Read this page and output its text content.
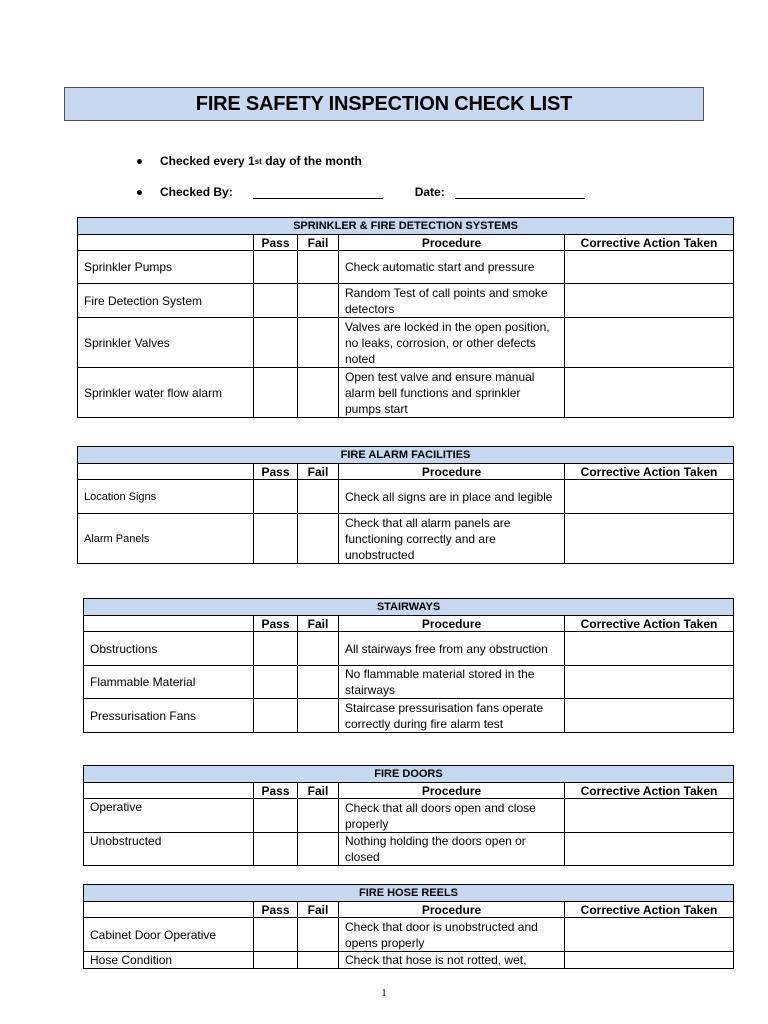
FIRE SAFETY INSPECTION CHECK LIST
Checked every 1 st day of the month
Checked By:	Date:
SPRINKLER & FIRE DETECTION SYSTEMS				
	Pass	Fail	Procedure	Corrective Action Taken
Sprinkler Pumps			Check automatic start and pressure	
Fire Detection System			Random Test of call points and smoke detectors	
Sprinkler Valves			Valves are locked in the open position, no leaks, corrosion, or other defects noted	
Sprinkler water flow alarm			Open test valve and ensure manual alarm bell functions and sprinkler pumps start	
FIRE ALARM FACILITIES				
	Pass	Fail	Procedure	Corrective Action Taken
Location Signs			Check all signs are in place and legible	
Alarm Panels			Check that all alarm panels are functioning correctly and are unobstructed	
STAIRWAYS				
	Pass	Fail	Procedure	Corrective Action Taken
Obstructions			All stairways free from any obstruction	
Flammable Material			No flammable material stored in the stairways	
Pressurisation Fans			Staircase pressurisation fans operate correctly during fire alarm test	
FIRE DOORS				
	Pass	Fail	Procedure	Corrective Action Taken
Operative			Check that all doors open and close properly	
Unobstructed			Nothing holding the doors open or closed	
FIRE HOSE REELS				
	Pass	Fail	Procedure	Corrective Action Taken
Cabinet Door Operative			Check that door is unobstructed and opens properly	
Hose Condition			Check that hose is not rotted, wet,	
1
